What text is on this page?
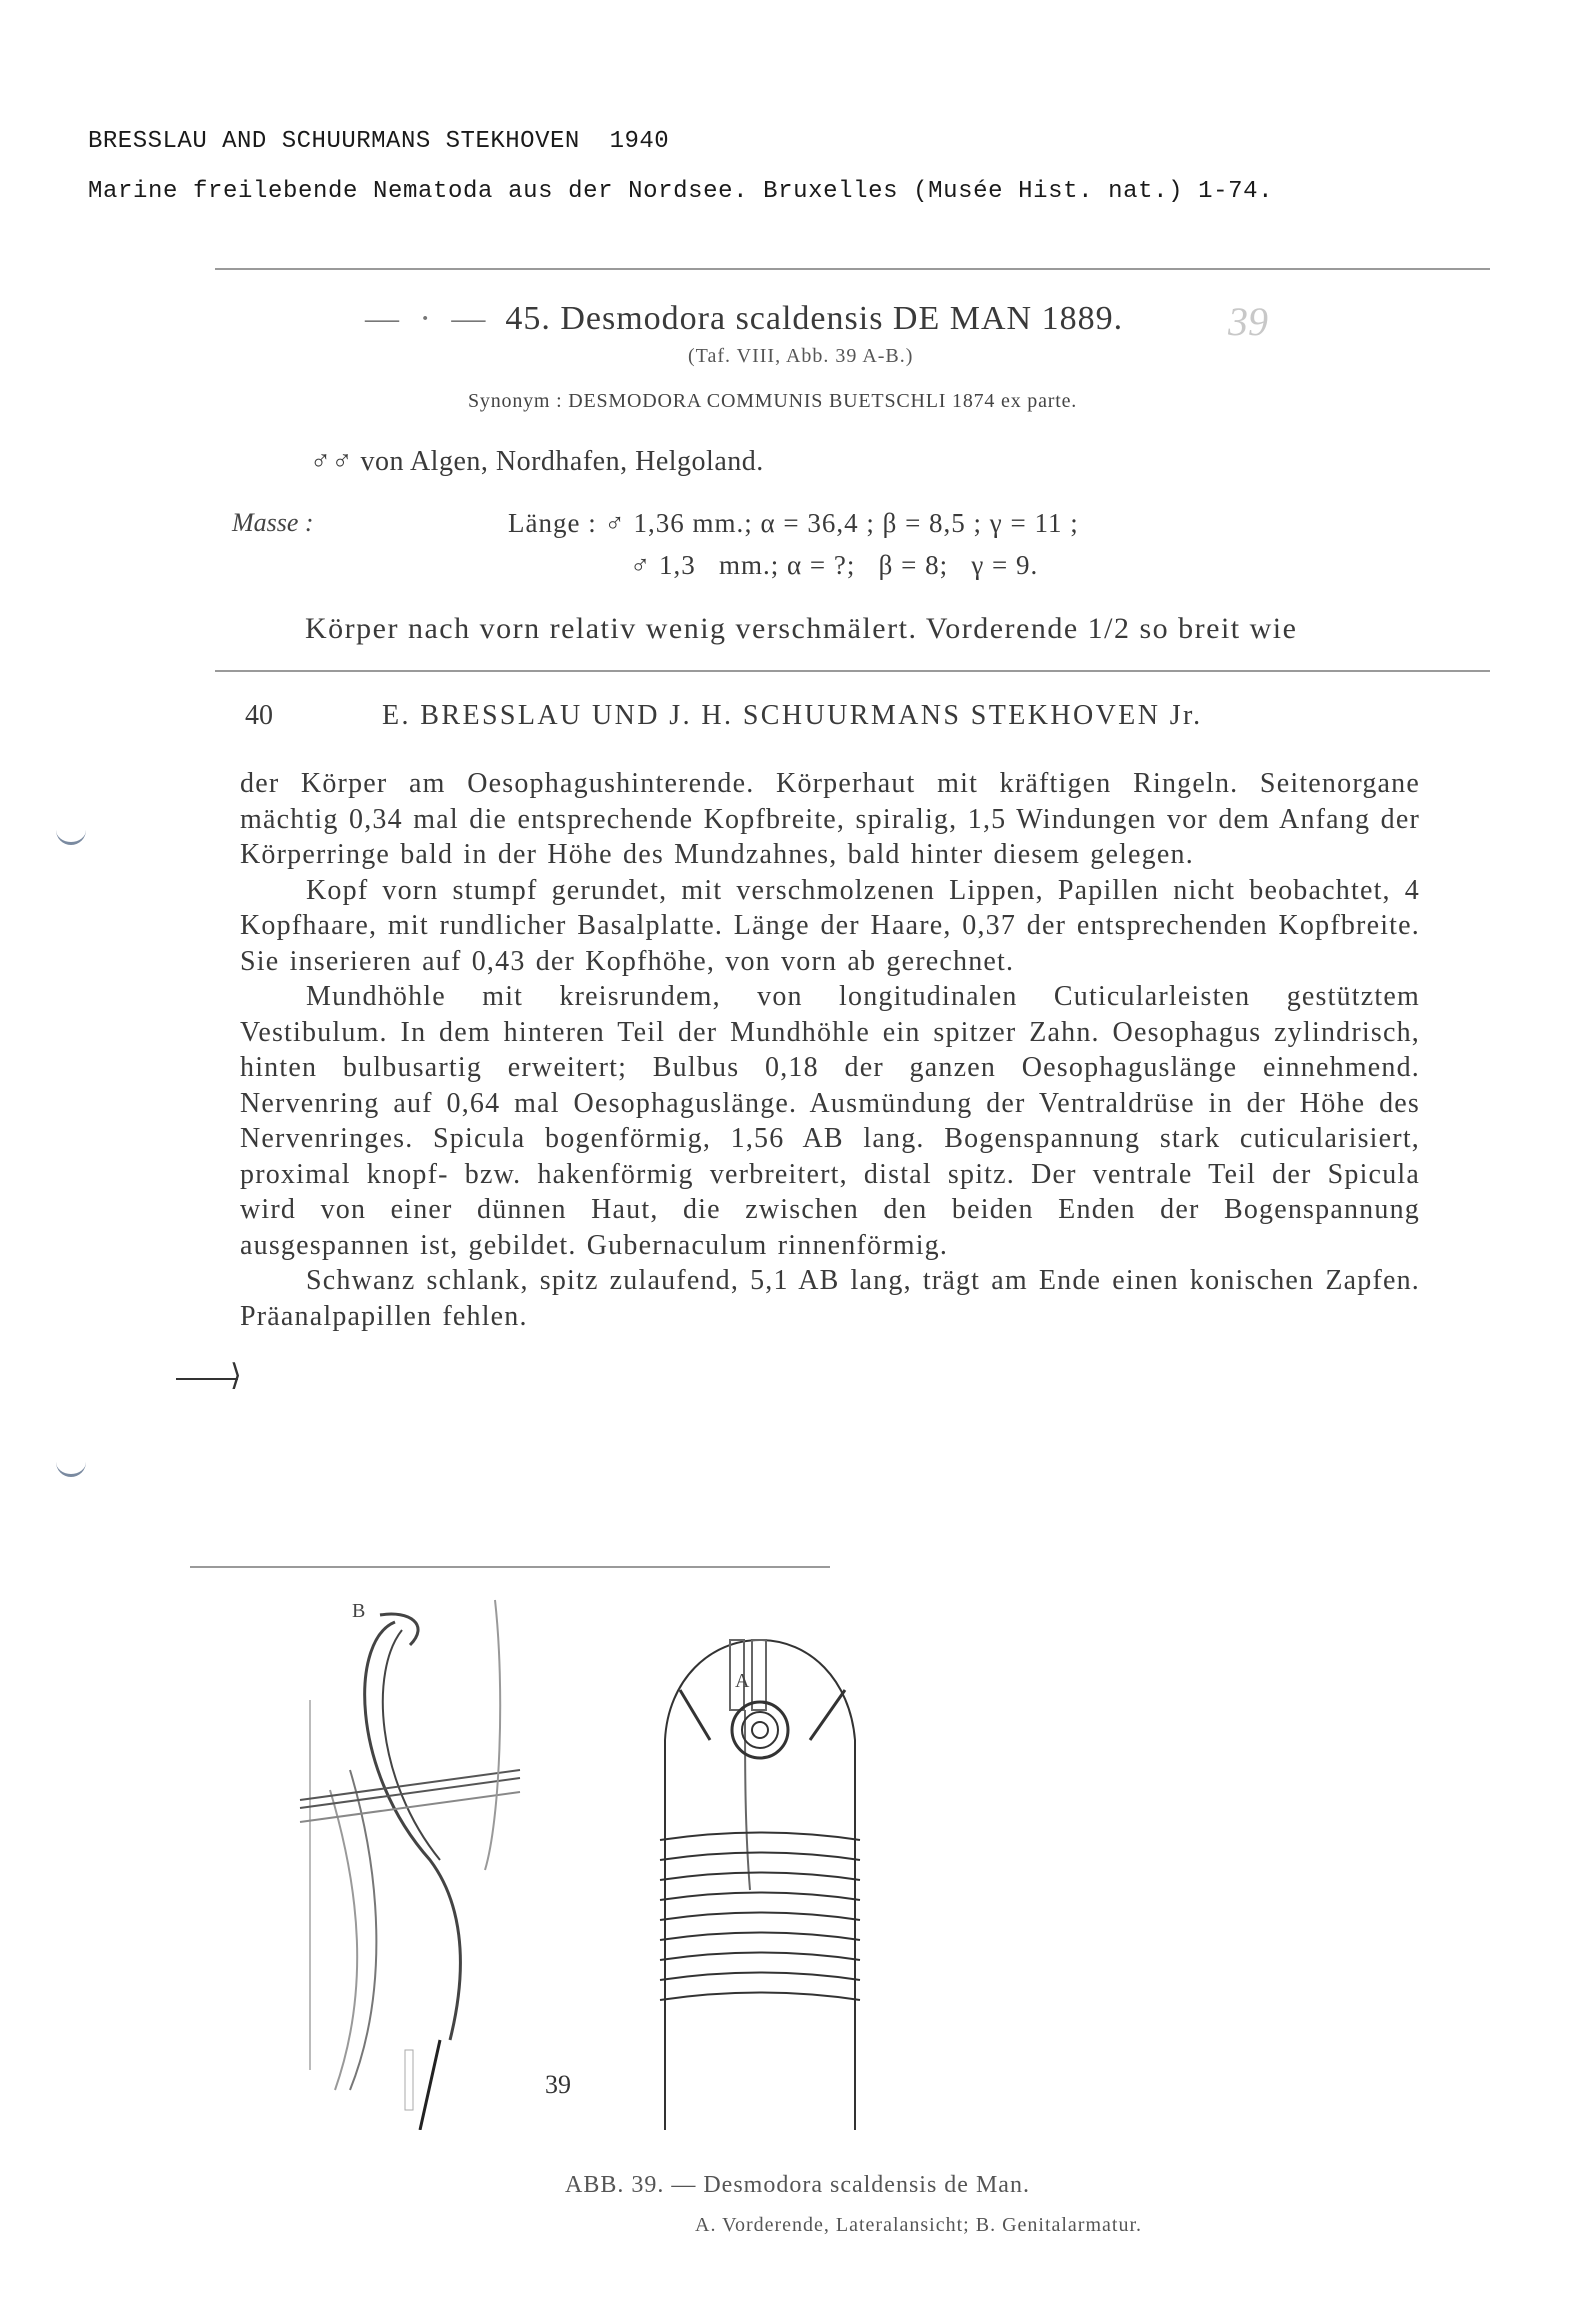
BRESSLAU AND SCHUURMANS STEKHOVEN  1940
Marine freilebende Nematoda aus der Nordsee. Bruxelles (Musée Hist. nat.) 1-74.
— · — 45. Desmodora scaldensis DE MAN 1889.
(Taf. VIII, Abb. 39 A-B.)
39
Synonym : DESMODORA COMMUNIS BUETSCHLI 1874 ex parte.
♂♂ von Algen, Nordhafen, Helgoland.
Masse :	Länge : ♂ 1,36 mm.; α = 36,4 ; β = 8,5 ; γ = 11 ;
♂ 1,3   mm.; α = ?;   β = 8;   γ = 9.
Körper nach vorn relativ wenig verschmälert. Vorderende 1/2 so breit wie
40	E. BRESSLAU UND J. H. SCHUURMANS STEKHOVEN Jr.

der Körper am Oesophagushinterende. Körperhaut mit kräftigen Ringeln. Seitenorgane mächtig 0,34 mal die entsprechende Kopfbreite, spiralig, 1,5 Windungen vor dem Anfang der Körperringe bald in der Höhe des Mundzahnes, bald hinter diesem gelegen.

Kopf vorn stumpf gerundet, mit verschmolzenen Lippen, Papillen nicht beobachtet, 4 Kopfhaare, mit rundlicher Basalplatte. Länge der Haare, 0,37 der entsprechenden Kopfbreite. Sie inserieren auf 0,43 der Kopfhöhe, von vorn ab gerechnet.

Mundhöhle mit kreisrundem, von longitudinalen Cuticularleisten gestütztem Vestibulum. In dem hinteren Teil der Mundhöhle ein spitzer Zahn. Oesophagus zylindrisch, hinten bulbusartig erweitert; Bulbus 0,18 der ganzen Oesophaguslänge einnehmend. Nervenring auf 0,64 mal Oesophaguslänge. Ausmündung der Ventraldrüse in der Höhe des Nervenringes. Spicula bogenförmig, 1,56 AB lang. Bogenspannung stark cuticularisiert, proximal knopf- bzw. hakenförmig verbreitert, distal spitz. Der ventrale Teil der Spicula wird von einer dünnen Haut, die zwischen den beiden Enden der Bogenspannung ausgespannen ist, gebildet. Gubernaculum rinnenförmig.

Schwanz schlank, spitz zulaufend, 5,1 AB lang, trägt am Ende einen konischen Zapfen. Präanalpapillen fehlen.

⟩
B
A
39
ABB. 39. — Desmodora scaldensis de Man.
A. Vorderende, Lateralansicht; B. Genitalarmatur.
